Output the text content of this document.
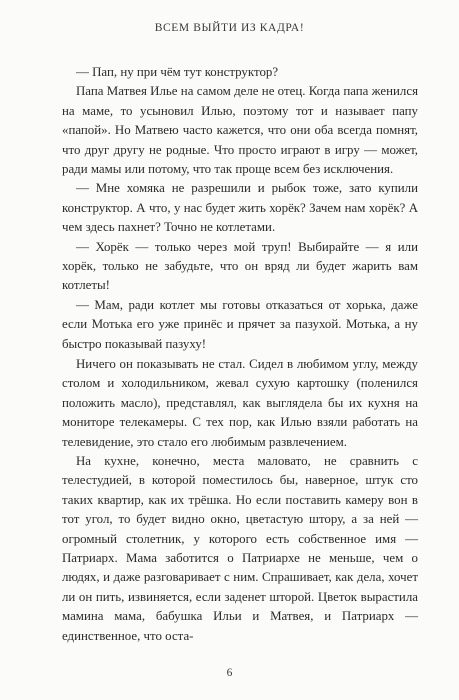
ВСЕМ ВЫЙТИ ИЗ КАДРА!

— Пап, ну при чём тут конструктор?

Папа Матвея Илье на самом деле не отец. Когда папа женился на маме, то усыновил Илью, поэтому тот и называет папу «папой». Но Матвею часто кажется, что они оба всегда помнят, что друг другу не родные. Что просто играют в игру — может, ради мамы или потому, что так проще всем без исключения.

— Мне хомяка не разрешили и рыбок тоже, зато купили конструктор. А что, у нас будет жить хорёк? Зачем нам хорёк? А чем здесь пахнет? Точно не котлетами.

— Хорёк — только через мой труп! Выбирайте — я или хорёк, только не забудьте, что он вряд ли будет жарить вам котлеты!

— Мам, ради котлет мы готовы отказаться от хорька, даже если Мотька его уже принёс и прячет за пазухой. Мотька, а ну быстро показывай пазуху!

Ничего он показывать не стал. Сидел в любимом углу, между столом и холодильником, жевал сухую картошку (поленился положить масло), представлял, как выглядела бы их кухня на мониторе телекамеры. С тех пор, как Илью взяли работать на телевидение, это стало его любимым развлечением.

На кухне, конечно, места маловато, не сравнить с телестудией, в которой поместилось бы, наверное, штук сто таких квартир, как их трёшка. Но если поставить камеру вон в тот угол, то будет видно окно, цветастую штору, а за ней — огромный столетник, у которого есть собственное имя — Патриарх. Мама заботится о Патриархе не меньше, чем о людях, и даже разговаривает с ним. Спрашивает, как дела, хочет ли он пить, извиняется, если заденет шторой. Цветок вырастила мамина мама, бабушка Ильи и Матвея, и Патриарх — единственное, что оста-

6
